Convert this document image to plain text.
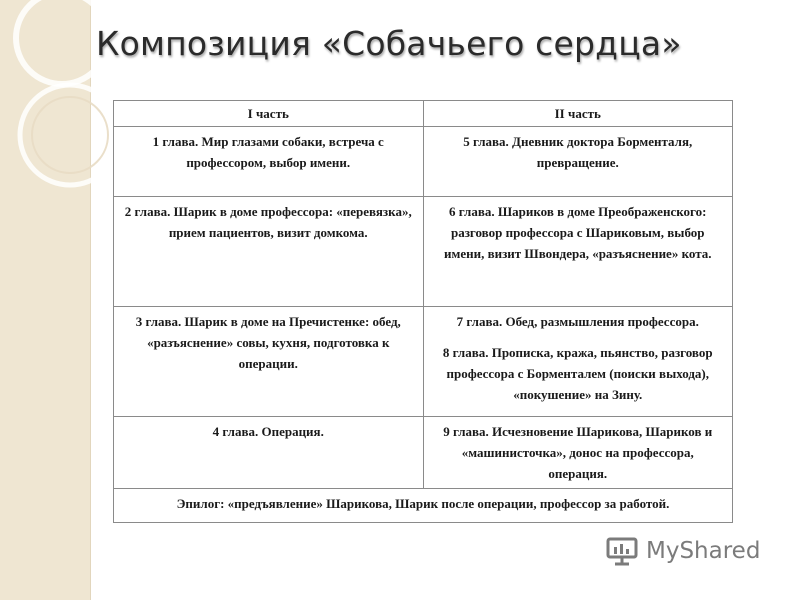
Композиция «Собачьего сердца»
I часть	II часть
1 глава. Мир глазами собаки, встреча с профессором, выбор имени.	5 глава. Дневник доктора Борменталя, превращение.
2 глава. Шарик в доме профессора: «перевязка», прием пациентов, визит домкома.	6 глава. Шариков в доме Преображенского: разговор профессора с Шариковым, выбор имени, визит Швондера, «разъяснение» кота.
3 глава. Шарик в доме на Пречистенке: обед, «разъяснение» совы, кухня, подготовка к операции.	7 глава. Обед, размышления профессора.
8 глава. Прописка, кража, пьянство, разговор профессора с Борменталем (поиски выхода), «покушение» на Зину.
4 глава. Операция.	9 глава. Исчезновение Шарикова, Шариков и «машинисточка», донос на профессора, операция.
Эпилог: «предъявление» Шарикова, Шарик после операции, профессор за работой.	
MyShared
